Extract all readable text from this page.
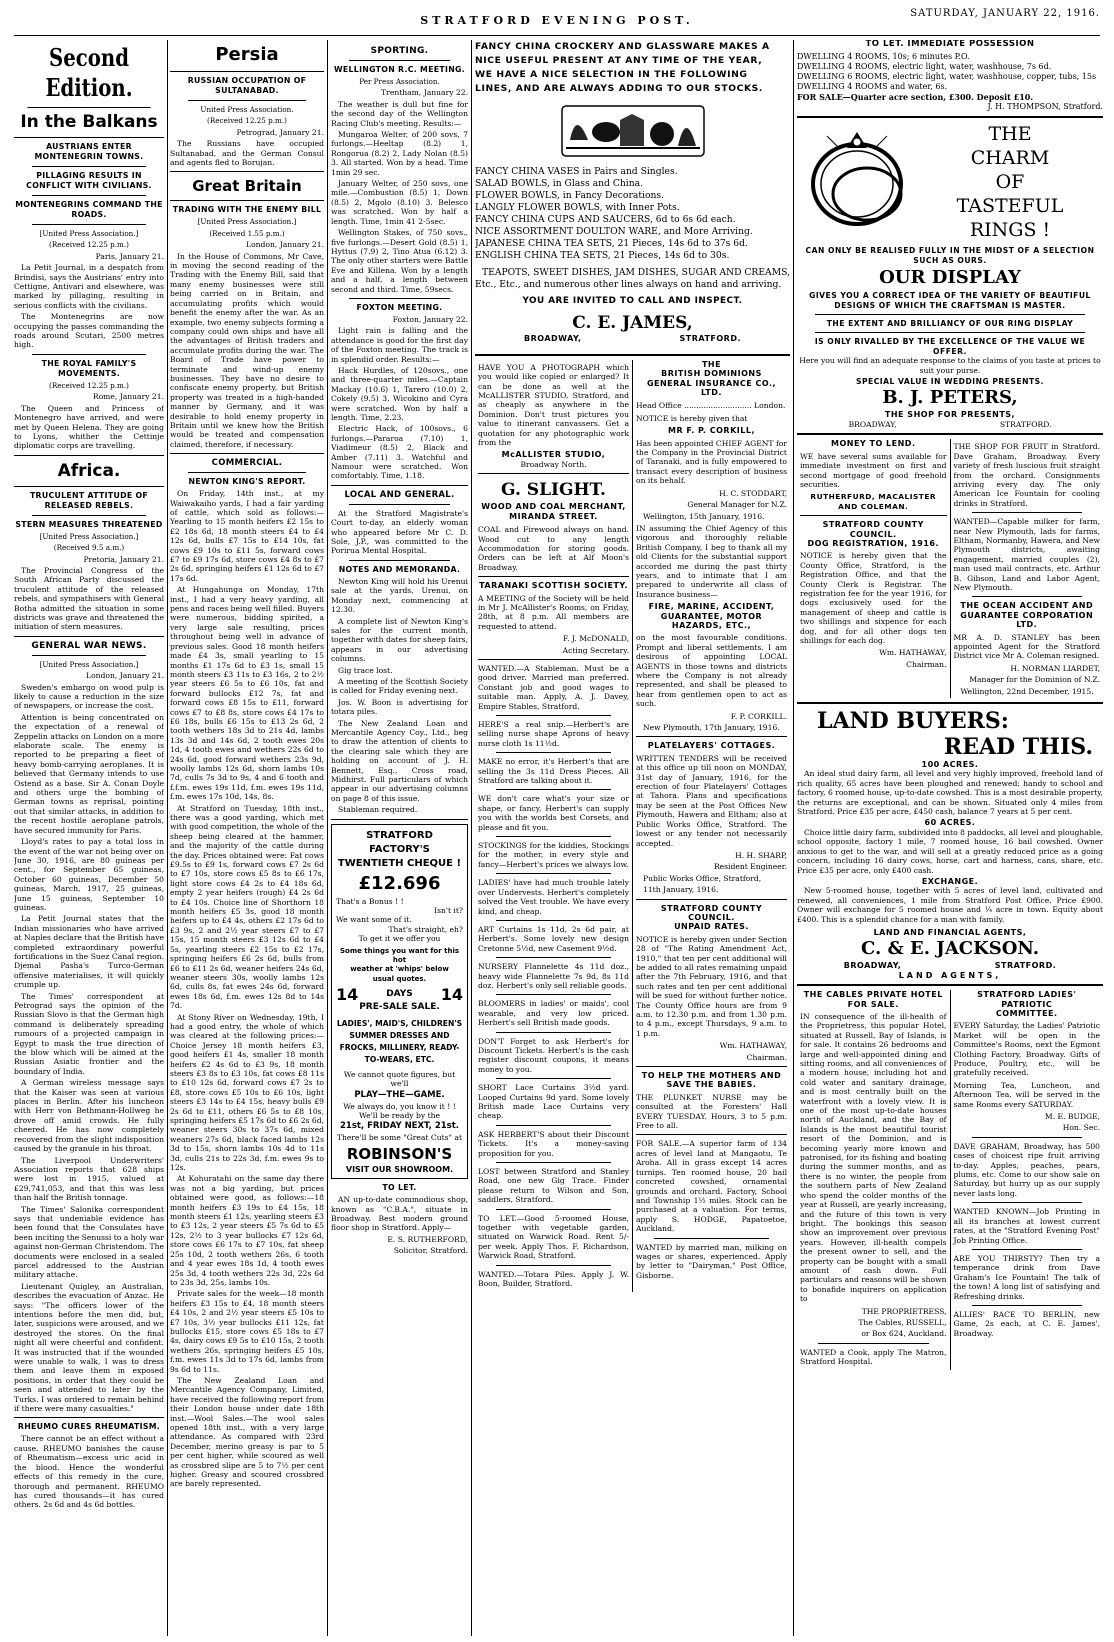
STRATFORD EVENING POST.
SATURDAY, JANUARY 22, 1916.
Second Edition.
In the Balkans
AUSTRIANS ENTER MONTENEGRIN TOWNS.
PILLAGING RESULTS IN CONFLICT WITH CIVILIANS.
MONTENEGRINS COMMAND THE ROADS.

[United Press Association.]

(Received 12.25 p.m.)

Paris, January 21.

La Petit Journal, in a despatch from Brindisi, says the Austrians' entry into Cettigne, Antivari and elsewhere, was marked by pillaging, resulting in serious conflicts with the civilians.

The Montenegrins are now occupying the passes commanding the roads around Scutari, 2500 metres high.

THE ROYAL FAMILY'S MOVEMENTS.

(Received 12.25 p.m.)

Rome, January 21.

The Queen and Princess of Montenegro have arrived, and were met by Queen Helena. They are going to Lyons, whither the Cettinje diplomatic corps are travelling.

Africa.
TRUCULENT ATTITUDE OF RELEASED REBELS.
STERN MEASURES THREATENED

[United Press Association.]

(Received 9.5 a.m.)

Pretoria, January 21.

The Provincial Congress of the South African Party discussed the truculent attitude of the released rebels, and sympathisers with General Botha admitted the situation in some districts was grave and threatened the initiation of stern measures.

GENERAL WAR NEWS.

[United Press Association.]

London, January 21.

Sweden's embargo on wood pulp is likely to cause a reduction in the size of newspapers, or increase the cost.

Attention is being concentrated on the expectation of a renewal of Zeppelin attacks on London on a more elaborate scale. The enemy is reported to be preparing a fleet of heavy bomb-carrying aeroplanes. It is believed that Germany intends to use Ostend as a base. Sir A. Conan Doyle and others urge the bombing of German towns as reprisal, pointing out that similar attacks, in addition to the recent hostile aeroplane patrols, have secured immunity for Paris.

Lloyd's rates to pay a total loss in the event of the war not being over on June 30, 1916, are 80 guineas per cent., for September 65 guineas, October 60 guineas, December 50 guineas, March, 1917, 25 guineas, June 15 guineas, September 10 guineas.

La Petit Journal states that the Indian missionaries who have arrived at Naples declare that the British have completed extraordinary powerful fortifications in the Suez Canal region. Djemal Pasha's Turco-German offensive materialises, it will quickly crumple up.

The Times' correspondent at Petrograd says the opinion of the Russian Slovo is that the German high command is deliberately spreading rumours of a projected campaign in Egypt to mask the true direction of the blow which will be aimed at the Russian Asiatic frontier and the boundary of India.

A German wireless message says that the Kaiser was seen at various places in Berlin. After his luncheon with Herr von Bethmann-Hollweg he drove off amid crowds. He fully cheered. He has now completely recovered from the slight indisposition caused by the granule in his throat.

The Liverpool Underwriters' Association reports that 628 ships were lost in 1915, valued at £29,741,053, and that this was less than half the British tonnage.

The Times' Salonika correspondent says that undeniable evidence has been found that the Consulates have been inciting the Senussi to a holy war against non-German Christendom. The documents were enclosed in a sealed parcel addressed to the Austrian military attache.

Lieutenant Quigley, an Australian, describes the evacuation of Anzac. He says: "The officers lower of the intentions before the men did, but, later, suspicions were aroused, and we destroyed the stores. On the final night all were cheerful and confident. It was instructed that if the wounded were unable to walk, I was to dress them and leave them in exposed positions, in order that they could be seen and attended to later by the Turks. I was ordered to remain behind if there were many casualties."

RHEUMO CURES RHEUMATISM.

There cannot be an effect without a cause. RHEUMO banishes the cause of Rheumatism—excess uric acid in the blood. Hence the wonderful effects of this remedy in the cure, thorough and permanent. RHEUMO has cured thousands—it has cured others. 2s 6d and 4s 6d bottles.

Persia
RUSSIAN OCCUPATION OF SULTANABAD.

United Press Association.

(Received 12.25 p.m.)

Petrograd, January 21.

The Russians have occupied Sultanabad, and the German Consul and agents fled to Borujan.

Great Britain
TRADING WITH THE ENEMY BILL

[United Press Association.]

(Received 1.55 p.m.)

London, January 21.

In the House of Commons, Mr Cave, in moving the second reading of the Trading with the Enemy Bill, said that many enemy businesses were still being carried on in Britain, and accumulating profits which would benefit the enemy after the war. As an example, two enemy subjects forming a company could own ships and have all the advantages of British traders and accumulate profits during the war. The Board of Trade have power to terminate and wind-up enemy businesses. They have no desire to confiscate enemy property, but British property was treated in a high-handed manner by Germany, and it was desirable to hold enemy property in Britain until we knew how the British would be treated and compensation claimed, therefore, if necessary.

COMMERCIAL.
NEWTON KING'S REPORT.

On Friday, 14th inst., at my Waiwakaiho yards, I had a fair yarding of cattle, which sold as follows:—Yearling to 15 month heifers £2 15s to £2 18s 6d, 18 month steers £4 to £4 12s 6d, bulls £7 15s to £14 10s, fat cows £9 10s to £11 5s, forward cows £7 to £9 17s 6d, store cows £4 8s to £7 2s 6d, springing heifers £1 12s 6d to £7 17s 6d.

At Hungahunga on Monday, 17th inst., I had a very heavy yarding, all pens and races being well filled. Buyers were numerous, bidding spirited, a very large sale resulting, prices throughout being well in advance of previous sales. Good 18 month heifers made £4 3s, small yearling to 15 months £1 17s 6d to £3 1s, small 15 month steers £3 11s to £3 16s, 2 to 2½ year steers £6 5s to £6 10s, fat and forward bullocks £12 7s, fat and forward cows £8 15s to £11, forward cows £7 to £8 8s, store cows £4 17s to £6 18s, bulls £6 15s to £13 2s 6d, 2 tooth wethers 18s 3d to 21s 4d, lambs 13s 3d and 14s 6d, 2 tooth ewes 20s 1d, 4 tooth ewes and wethers 22s 6d to 24s 6d, good forward wethers 23s 9d, woolly lambs 12s 6d, shorn lambs 10s 7d, culls 7s 3d to 9s, 4 and 6 tooth and f.f.m. ewes 19s 11d, f.m. ewes 19s 11d, f.m. ewes 17s 10d, 14s, 8s.

At Stratford on Tuesday, 18th inst., there was a good yarding, which met with good competition, the whole of the sheep being cleared at the hammer, and the majority of the cattle during the day. Prices obtained were: Fat cows £9.5s to £9 1s, forward cows £7 2s 6d to £7 10s, store cows £5 8s to £6 17s, light store cows £4 2s to £4 18s 6d, empty 2 year heifers (rough) £4 2s 6d to £4 10s. Choice line of Shorthorn 18 month heifers £5 3s, good 18 month heifers up to £4 4s, others £2 17s 6d to £3 9s, 2 and 2½ year steers £7 to £7 15s, 15 month steers £3 12s 6d to £4 5s, yearling steers £2 15s to £2 17s, springing heifers £6 2s 6d, bulls from £6 to £11 2s 6d, weaner heifers 24s 6d, weaner steers 30s, woolly lambs 12s 6d, culls 8s, fat ewes 24s 6d, forward ewes 18s 6d, f.m. ewes 12s 8d to 14s 7d.

At Stony River on Wednesday, 19th, I had a good entry, the whole of which was cleared at the following prices:—Choice Jersey 18 month heifers £3, good heifers £1 4s, smaller 18 month heifers £2 4s 6d to £3 9s, 18 month steers £3 8s to £3 10s, fat cows £8 11s to £10 12s 6d, forward cows £7 2s to £8, store cows £5 10s to £6 10s, light steers £3 14s to £4 15s, heavy bulls £9 2s 6d to £11, others £6 5s to £8 10s, springing heifers £5 17s 6d to £6 2s 6d, weaner steers 30s to 37s 6d, mixed weaners 27s 6d, black faced lambs 12s 3d to 15s, shorn lambs 10s 4d to 11s 3d, culls 21s to 22s 3d, f.m. ewes 9s to 12s.

At Kohuratahi on the same day there was not a big yarding, but prices obtained were good, as follows:—18 month heifers £3 19s to £4 15s, 18 month steers £1 12s, yearling steers £3 to £3 12s, 2 year steers £5 7s 6d to £5 12s, 2½ to 3 year bullocks £7 12s 6d, store cows £6 17s to £7 10s, fat sheep 25s 10d, 2 tooth wethers 26s, 6 tooth and 4 year ewes 18s 1d, 4 tooth ewes 25s 3d, 4 tooth wethers 22s 3d, 22s 6d to 23s 3d, 25s, lambs 10s.

Private sales for the week—18 month heifers £3 15s to £4, 18 month steers £4 10s, 2 and 2½ year steers £5 10s to £7 10s, 3½ year bullocks £11 12s, fat bullocks £15, store cows £5 18s to £7 4s, dairy cows £9 5s to £10 15s, 2 tooth wethers 26s, springing heifers £5 10s, f.m. ewes 11s 3d to 17s 6d, lambs from 9s 6d to 11s.

The New Zealand Loan and Mercantile Agency Company, Limited, have received the following report from their London house under date 18th inst.—Wool Sales.—The wool sales opened 18th inst., with a very large attendance. As compared with 23rd December, merino greasy is par to 5 per cent higher, while scoured as well as crossbred slipe are 5 to 7½ per cent higher. Greasy and scoured crossbred are barely represented.

SPORTING.
WELLINGTON R.C. MEETING.

Per Press Association.

Trentham, January 22.

The weather is dull but fine for the second day of the Wellington Racing Club's meeting. Results:—

Mungaroa Welter, of 200 sovs, 7 furlongs.—Heeltap (8.2) 1, Rongorua (8.2) 2, Lady Nolan (8.5) 3. All started. Won by a head. Time 1min 29 sec.

January Welter, of 250 sovs, one mile.—Combustion (8.5) 1, Down (8.5) 2, Mgolo (8.10) 3. Belesco was scratched. Won by half a length. Time, 1min 41 2-5sec.

Wellington Stakes, of 750 sovs., five furlongs.—Desert Gold (8.5) 1, Hyttus (7.9) 2, Tino Atua (6.12) 3. The only other starters were Battle Eve and Killena. Won by a length and a half, a length between second and third. Time, 59secs.

FOXTON MEETING.

Foxton, January 22.

Light rain is falling and the attendance is good for the first day of the Foxton meeting. The track is in splendid order. Results:—

Hack Hurdles, of 120sovs., one and three-quarter miles.—Captain Mackay (10.6) 1, Tarero (10.0) 2, Cokely (9.5) 3. Wicokino and Cyra were scratched. Won by half a length. Time, 2.23.

Electric Hack, of 100sovs., 6 furlongs.—Pararoa (7.10) 1, Viadimeur (8.5) 2, Black and Amber (7.11) 3. Watchful and Namour were scratched. Won comfortably. Time, 1.18.

LOCAL AND GENERAL.

At the Stratford Magistrate's Court to-day, an elderly woman who appeared before Mr C. D. Sole, J.P., was committed to the Porirua Mental Hospital.

NOTES AND MEMORANDA.

Newton King will hold his Urenui sale at the yards, Urenui, on Monday next, commencing at 12.30.

A complete list of Newton King's sales for the current month, together with dates for sheep fairs, appears in our advertising columns.

Gig trace lost.

A meeting of the Scottish Society is called for Friday evening next.

Jos. W. Boon is advertising for totara piles.

The New Zealand Loan and Mercantile Agency Coy., Ltd., beg to draw the attention of clients to the clearing sale which they are holding on account of J. H. Bennett, Esq., Cross road, Midhirst. Full particulars of which appear in our advertising columns on page 8 of this issue.

Stableman required.

STRATFORD FACTORY'S
TWENTIETH CHEQUE !
£12.696
That's a Bonus ! !
Isn't it?
We want some of it.
That's straight, eh?
To get it we offer you
Some things you want for this hot
weather at 'whips' below
usual quotes.
14	DAYS 14
PRE-SALE SALE.
LADIES', MAID'S, CHILDREN'S SUMMER DRESSES AND FROCKS, MILLINERY, READY-TO-WEARS, ETC.
We cannot quote figures, but we'll
PLAY—THE—GAME.
We always do, you know it ! !
We'll be ready by the
21st, FRIDAY NEXT, 21st.
There'll be some "Great Cuts" at
ROBINSON'S
VISIT OUR SHOWROOM.
TO LET.

AN up-to-date commodious shop, known as "C.B.A.", situate in Broadway. Best modern ground floor shop in Stratford. Apply—

E. S. RUTHERFORD,

Solicitor, Stratford.

FANCY CHINA CROCKERY AND GLASSWARE MAKES A
NICE USEFUL PRESENT AT ANY TIME OF THE YEAR,
WE HAVE A NICE SELECTION IN THE FOLLOWING
LINES, AND ARE ALWAYS ADDING TO OUR STOCKS.
FANCY CHINA VASES in Pairs and Singles.
SALAD BOWLS, in Glass and China.
FLOWER BOWLS, in Fancy Decorations.
LANGLY FLOWER BOWLS, with Inner Pots.
FANCY CHINA CUPS AND SAUCERS, 6d to 6s 6d each.
NICE ASSORTMENT DOULTON WARE, and More Arriving.
JAPANESE CHINA TEA SETS, 21 Pieces, 14s 6d to 37s 6d.
ENGLISH CHINA TEA SETS, 21 Pieces, 14s 6d to 30s.

TEAPOTS, SWEET DISHES, JAM DISHES, SUGAR AND CREAMS, Etc., Etc., and numerous other lines always on hand and arriving.

YOU ARE INVITED TO CALL AND INSPECT.
C. E. JAMES,
BROADWAY,	STRATFORD.

HAVE YOU A PHOTOGRAPH which you would like copied or enlarged? It can be done as well at the McALLISTER STUDIO, Stratford, and as cheaply as anywhere in the Dominion. Don't trust pictures you value to itinerant canvassers. Get a quotation for any photographic work from the

McALLISTER STUDIO,
Broadway North.
G. SLIGHT.
WOOD AND COAL MERCHANT,
MIRANDA STREET.

COAL and Firewood always on hand. Wood cut to any length Accommodation for storing goods. Orders can be left at Alf Moon's Broadway.

TARANAKI SCOTTISH SOCIETY.

A MEETING of the Society will be held in Mr J. McAllister's Rooms, on Friday, 28th, at 8 p.m. All members are requested to attend.

F. J. McDONALD,

Acting Secretary.

WANTED.—A Stableman. Must be a good driver. Married man preferred. Constant job and good wages to suitable man. Apply, A. J. Davey, Empire Stables, Stratford.

HERE'S a real snip.—Herbert's are selling nurse shape Aprons of heavy nurse cloth 1s 11½d.

MAKE no error, it's Herbert's that are selling the 3s 11d Dress Pieces. All Stratford are talking about it.

WE don't care what's your size or shape, or fancy, Herbert's can supply you with the worlds best Corsets, and please and fit you.

STOCKINGS for the kiddies, Stockings for the mother, in every style and fancy—Herbert's prices we always low.

LADIES' have had much trouble lately over Undervests. Herbert's completely solved the Vest trouble. We have every kind, and cheap.

ART Curtains 1s 11d, 2s 6d pair, at Herbert's. Some lovely new design Cretonne 5½d, new Casement 9½d.

NURSERY Flannelette 4s 11d doz., heavy wide Flannelette 7s 9d, 8s 11d doz. Herbert's only sell reliable goods.

BLOOMERS in ladies' or maids', cool wearable, and very low priced. Herbert's sell British made goods.

DON'T Forget to ask Herbert's for Discount Tickets. Herbert's is the cash register discount coupons, it means money to you.

SHORT Lace Curtains 3½d yard. Looped Curtains 9d yard. Some lovely British made Lace Curtains very cheap.

ASK HERBERT'S about their Discount Tickets. It's a money-saving proposition for you.

LOST between Stratford and Stanley Road, one new Gig Trace. Finder please return to Wilson and Son, saddlers, Stratford.

TO LET.—Good 5-roomed House, together with vegetable garden, situated on Warwick Road. Rent 5/- per week. Apply Thos. F. Richardson, Warwick Road, Stratford.

WANTED.—Totara Piles. Apply J. W. Boon, Builder, Stratford.

THE
BRITISH DOMINIONS
GENERAL INSURANCE CO., LTD.

Head Office ............................ London.

NOTICE is hereby given that

MR F. P. CORKILL,

Has been appointed CHIEF AGENT for the Company in the Provincial District of Taranaki, and is fully empowered to transact every description of business on its behalf.

H. C. STODDART,

General Manager for N.Z.

Wellington, 15th January, 1916.

IN assuming the Chief Agency of this vigorous and thoroughly reliable British Company, I beg to thank all my old Clients for the substantial support accorded me during the past thirty years, and to intimate that I am prepared to underwrite all class of Insurance business—

FIRE, MARINE, ACCIDENT, GUARANTEE, MOTOR HAZARDS, ETC.,

on the most favourable conditions. Prompt and liberal settlements. I am desirous of appointing LOCAL AGENTS in those towns and districts where the Company is not already represented, and shall be pleased to hear from gentlemen open to act as such.

F. P. CORKILL.

New Plymouth, 17th January, 1916.

PLATELAYERS' COTTAGES.

WRITTEN TENDERS will be received at this office up till noon on MONDAY, 31st day of January, 1916, for the erection of four Platelayers' Cottages at Tahora. Plans and specifications may be seen at the Post Offices New Plymouth, Hawera and Eltham; also at Public Works Office, Stratford. The lowest or any tender not necessarily accepted.

H. H. SHARP,

Resident Engineer.

Public Works Office, Stratford,

11th January, 1916.

STRATFORD COUNTY COUNCIL.
UNPAID RATES.

NOTICE is hereby given under Section 28 of "The Rating Amendment Act, 1910," that ten per cent additional will be added to all rates remaining unpaid after the 7th February, 1916, and that such rates and ten per cent additional will be sued for without further notice. The County Office hours are from 9 a.m. to 12.30 p.m. and from 1.30 p.m. to 4 p.m., except Thursdays, 9 a.m. to 1 p.m.

Wm. HATHAWAY,

Chairman.

TO HELP THE MOTHERS AND SAVE THE BABIES.

THE PLUNKET NURSE may be consulted at the Foresters' Hall EVERY TUESDAY. Hours, 3 to 5 p.m. Free to all.

FOR SALE.—A superior farm of 134 acres of level land at Mangaotu, Te Aroha. All in grass except 14 acres turnips. Ten roomed house, 20 bail concreted cowshed, ornamental grounds and orchard. Factory, School and Township 1½ miles. Stock can be purchased at a valuation. For terms, apply S. HODGE, Papatoetoe, Auckland.

WANTED by married man, milking on wages or shares, experienced. Apply by letter to "Dairyman," Post Office, Gisborne.

TO LET. IMMEDIATE POSSESSION
DWELLING 4 ROOMS, 10s; 6 minutes P.O.
DWELLING 4 ROOMS, electric light, water, washhouse, 7s 6d.
DWELLING 6 ROOMS, electric light, water, washhouse, copper, tubs, 15s
DWELLING 4 ROOMS and water, 6s.
FOR SALE—Quarter acre section, £300. Deposit £10.
J. H. THOMPSON, Stratford.
THE
CHARM
OF
TASTEFUL
RINGS !
CAN ONLY BE REALISED FULLY IN THE MIDST OF A SELECTION SUCH AS OURS.
OUR DISPLAY
GIVES YOU A CORRECT IDEA OF THE VARIETY OF BEAUTIFUL DESIGNS OF WHICH THE CRAFTSMAN IS MASTER.
THE EXTENT AND BRILLIANCY OF OUR RING DISPLAY
IS ONLY RIVALLED BY THE EXCELLENCE OF THE VALUE WE OFFER.

Here you will find an adequate response to the claims of you taste at prices to suit your purse.

SPECIAL VALUE IN WEDDING PRESENTS.
B. J. PETERS,
THE SHOP FOR PRESENTS,
BROADWAY,	STRATFORD.
MONEY TO LEND.

WE have several sums available for immediate investment on first and second mortgage of good freehold securities.

RUTHERFURD, MACALISTER AND COLEMAN.
STRATFORD COUNTY COUNCIL.
DOG REGISTRATION, 1916.

NOTICE is hereby given that the County Office, Stratford, is the Registration Office, and that the County Clerk is Registrar. The registration fee for the year 1916, for dogs exclusively used for the management of sheep and cattle is two shillings and sixpence for each dog, and for all other dogs ten shillings for each dog.

Wm. HATHAWAY,

Chairman.

THE SHOP FOR FRUIT in Stratford. Dave Graham, Broadway. Every variety of fresh luscious fruit straight from the orchard. Consignments arriving every day. The only American Ice Fountain for cooling drinks in Stratford.

WANTED—Capable milker for farm, near New Plymouth, lads for farms, Eltham, Normanby, Hawera, and New Plymouth districts, awaiting engagement, married couples (2), man used mail contracts, etc. Arthur B. Gibson, Land and Labor Agent, New Plymouth.

THE OCEAN ACCIDENT AND GUARANTEE CORPORATION LTD.

MR A. D. STANLEY has been appointed Agent for the Stratford District vice Mr A. Coleman resigned.

H. NORMAN LIARDET,

Manager for the Dominion of N.Z.

Wellington, 22nd December, 1915.

LAND BUYERS:
READ THIS.
100 ACRES.

An ideal stud dairy farm, all level and very highly improved, freehold land of rich quality, 65 acres have been ploughed and renewed; handy to school and factory, 6 roomed house, up-to-date cowshed. This is a most desirable property, the returns are exceptional, and can be shown. Situated only 4 miles from Stratford. Price £35 per acre, £450 cash, balance 7 years at 5 per cent.

60 ACRES.

Choice little dairy farm, subdivided into 8 paddocks, all level and ploughable, school opposite, factory 1 mile, 7 roomed house, 16 bail cowshed. Owner anxious to get to the war, and will sell at a greatly reduced price as a going concern, including 16 dairy cows, horse, cart and harness, cans, share, etc. Price £35 per acre, only £400 cash.

EXCHANGE.

New 5-roomed house, together with 5 acres of level land, cultivated and renewed, all conveniences, 1 mile from Stratford Post Office. Price £900. Owner will exchange for 5 roomed house and ¼ acre in town. Equity about £400. This is a splendid chance for a man with family.

LAND AND FINANCIAL AGENTS,
C. & E. JACKSON.
BROADWAY,	STRATFORD.
LAND AGENTS,
THE CABLES PRIVATE HOTEL FOR SALE.

IN consequence of the ill-health of the Proprietress, this popular Hotel, situated at Russell, Bay of Islands, is for sale. It contains 26 bedrooms and large and well-appointed dining and sitting rooms, and all conveniences of a modern house, including hot and cold water and sanitary drainage, and is most centrally built on the waterfront with a lovely view. It is one of the most up-to-date houses north of Auckland, and the Bay of Islands is the most beautiful tourist resort of the Dominion, and is becoming yearly more known and patronised, for its fishing and boating during the summer months, and as there is no winter, the people from the southern parts of New Zealand who spend the colder months of the year at Russell, are yearly increasing, and the future of this town is very bright. The bookings this season show an improvement over previous years. However, ill-health compels the present owner to sell, and the property can be bought with a small amount of cash down. Full particulars and reasons will be shown to bonafide inquirers on application to

THE PROPRIETRESS,

The Cables, RUSSELL,

or Box 624, Auckland.

WANTED a Cook, apply The Matron, Stratford Hospital.

STRATFORD LADIES' PATRIOTIC
COMMITTEE.

EVERY Saturday, the Ladies' Patriotic Market will be open in the Committee's Rooms, next the Egmont Clothing Factory, Broadway. Gifts of Produce, Poultry, etc., will be gratefully received.

Morning Tea, Luncheon, and Afternoon Tea, will be served in the same Rooms every SATURDAY.

M. E. BUDGE,

Hon. Sec.

DAVE GRAHAM, Broadway, has 500 cases of choicest ripe fruit arriving to-day. Apples, peaches, pears, plums, etc. Come to our show sale on Saturday, but hurry up as our supply never lasts long.

WANTED KNOWN—Job Printing in all its branches at lowest current rates, at the "Stratford Evening Post" Job Printing Office.

ARE YOU THIRSTY? Then try a temperance drink from Dave Graham's Ice Fountain! The talk of the town! A long list of satisfying and Refreshing drinks.

ALLIES' RACE TO BERLIN, new Game, 2s each, at C. E. James', Broadway.
